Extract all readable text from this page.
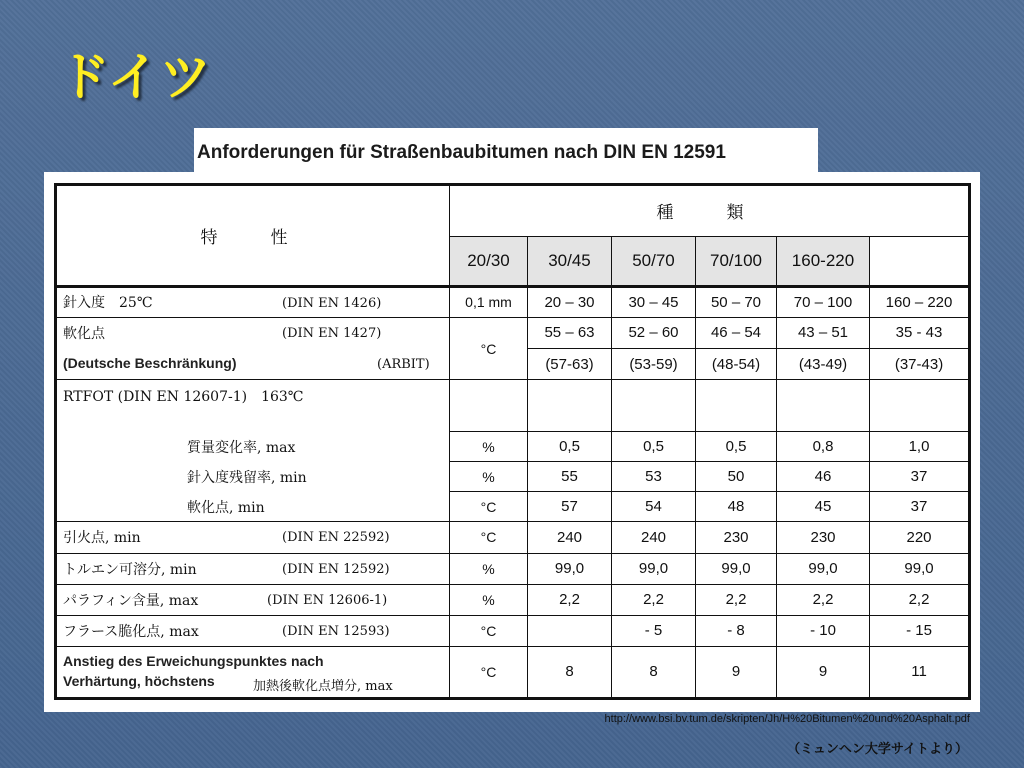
ドイツ
Anforderungen für Straßenbaubitumen nach DIN EN 12591
特　性	種　類					
	20/30	30/45	50/70	70/100	160-220	
針入度　25℃ (DIN EN 1426)	0,1 mm	20 – 30	30 – 45	50 – 70	70 – 100	160 – 220
軟化点 (DIN EN 1427)	°C	55 – 63	52 – 60	46 – 54	43 – 51	35 - 43
(Deutsche Beschränkung) (ARBIT)		(57-63)	(53-59)	(48-54)	(43-49)	(37-43)
RTFOT (DIN EN 12607-1)　163℃						
質量変化率, max	%	0,5	0,5	0,5	0,8	1,0
針入度残留率, min	%	55	53	50	46	37
軟化点, min	°C	57	54	48	45	37
引火点, min (DIN EN 22592)	°C	240	240	230	230	220
トルエン可溶分, min (DIN EN 12592)	%	99,0	99,0	99,0	99,0	99,0
パラフィン含量, max (DIN EN 12606-1)	%	2,2	2,2	2,2	2,2	2,2
フラース脆化点, max (DIN EN 12593)	°C		- 5	- 8	- 10	- 15

Anstieg des Erweichungspunktes nach
Verhärtung, höchstens 加熱後軟化点増分, max	°C	8	8	9	9	11
http://www.bsi.bv.tum.de/skripten/Jh/H%20Bitumen%20und%20Asphalt.pdf
（ミュンヘン大学サイトより）
